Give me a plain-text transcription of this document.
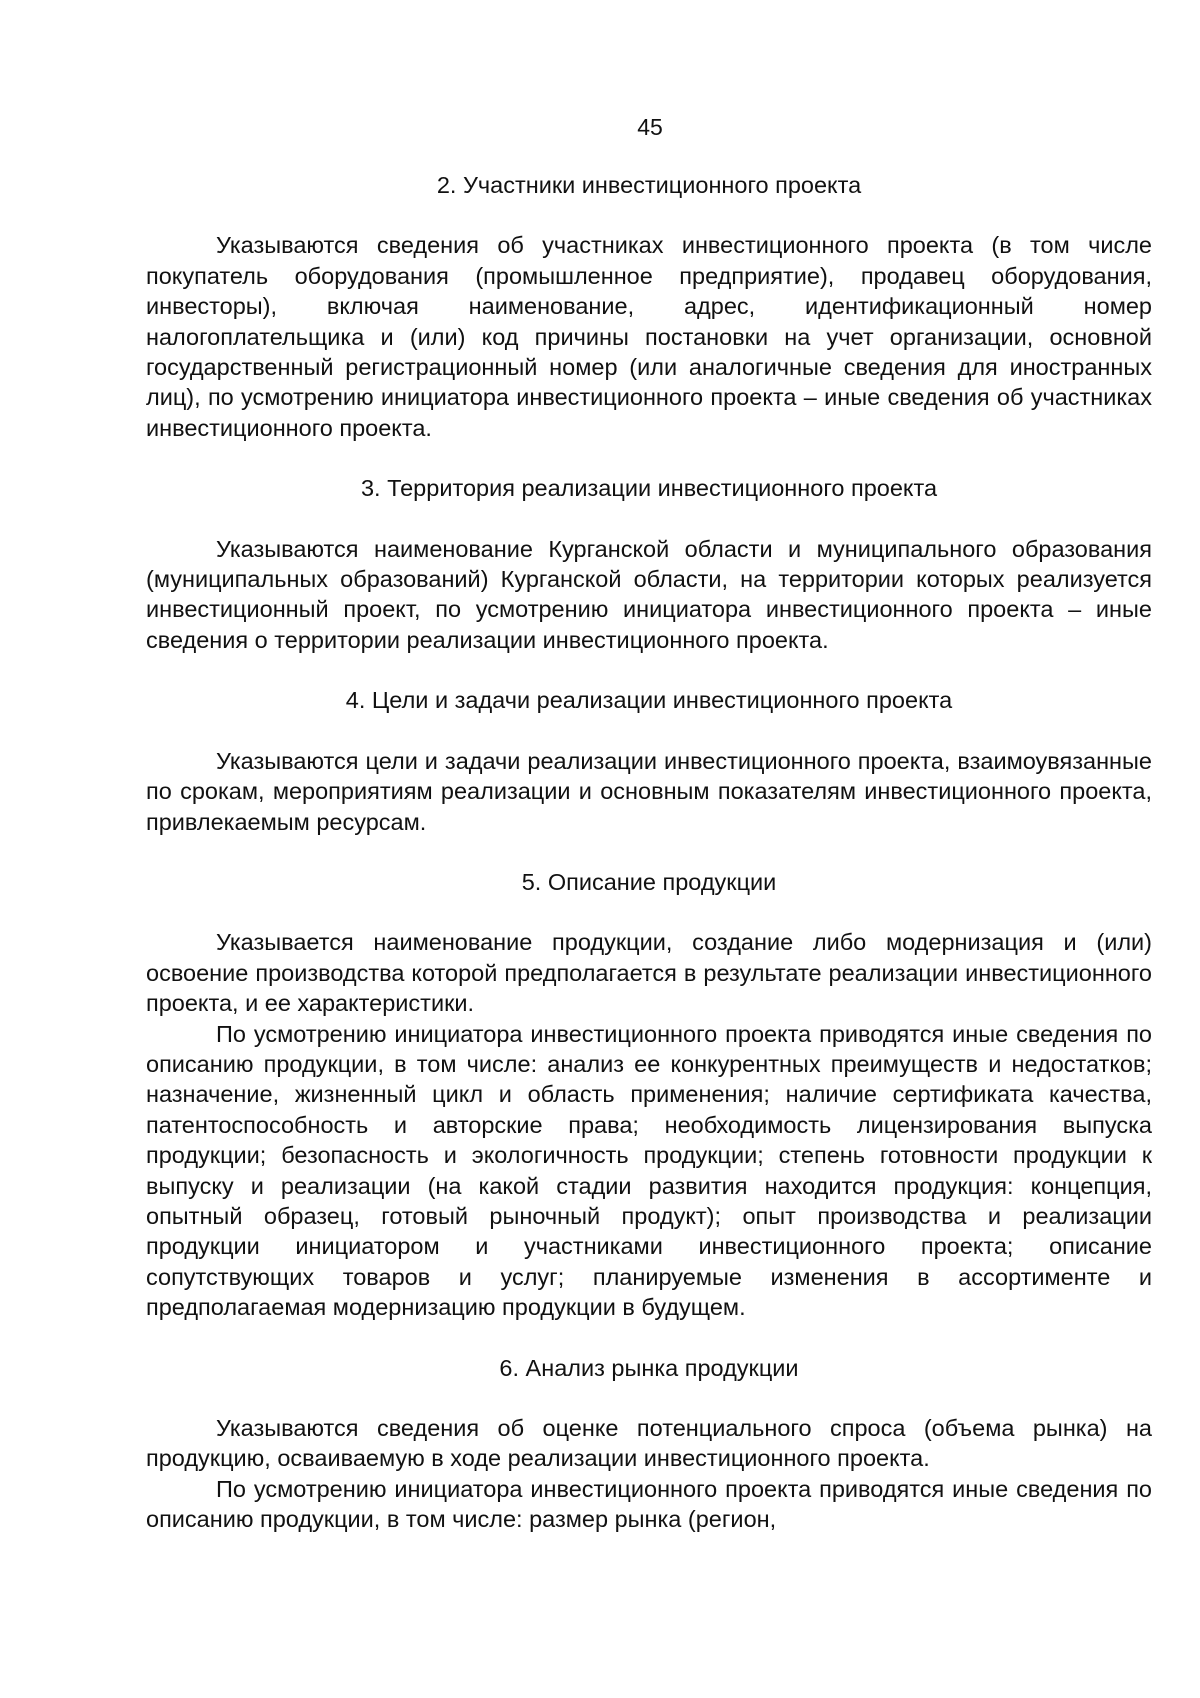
45
2. Участники инвестиционного проекта

Указываются сведения об участниках инвестиционного проекта (в том числе покупатель оборудования (промышленное предприятие), продавец оборудования, инвесторы), включая наименование, адрес, идентификационный номер налогоплательщика и (или) код причины постановки на учет организации, основной государственный регистрационный номер (или аналогичные сведения для иностранных лиц), по усмотрению инициатора инвестиционного проекта – иные сведения об участниках инвестиционного проекта.

3. Территория реализации инвестиционного проекта

Указываются наименование Курганской области и муниципального образования (муниципальных образований) Курганской области, на территории которых реализуется инвестиционный проект, по усмотрению инициатора инвестиционного проекта – иные сведения о территории реализации инвестиционного проекта.

4. Цели и задачи реализации инвестиционного проекта

Указываются цели и задачи реализации инвестиционного проекта, взаимоувязанные по срокам, мероприятиям реализации и основным показателям инвестиционного проекта, привлекаемым ресурсам.

5. Описание продукции

Указывается наименование продукции, создание либо модернизация и (или) освоение производства которой предполагается в результате реализации инвестиционного проекта, и ее характеристики.

По усмотрению инициатора инвестиционного проекта приводятся иные сведения по описанию продукции, в том числе: анализ ее конкурентных преимуществ и недостатков; назначение, жизненный цикл и область применения; наличие сертификата качества, патентоспособность и авторские права; необходимость лицензирования выпуска продукции; безопасность и экологичность продукции; степень готовности продукции к выпуску и реализации (на какой стадии развития находится продукция: концепция, опытный образец, готовый рыночный продукт); опыт производства и реализации продукции инициатором и участниками инвестиционного проекта; описание сопутствующих товаров и услуг; планируемые изменения в ассортименте и предполагаемая модернизацию продукции в будущем.

6. Анализ рынка продукции

Указываются сведения об оценке потенциального спроса (объема рынка) на продукцию, осваиваемую в ходе реализации инвестиционного проекта.

По усмотрению инициатора инвестиционного проекта приводятся иные сведения по описанию продукции, в том числе: размер рынка (регион,
